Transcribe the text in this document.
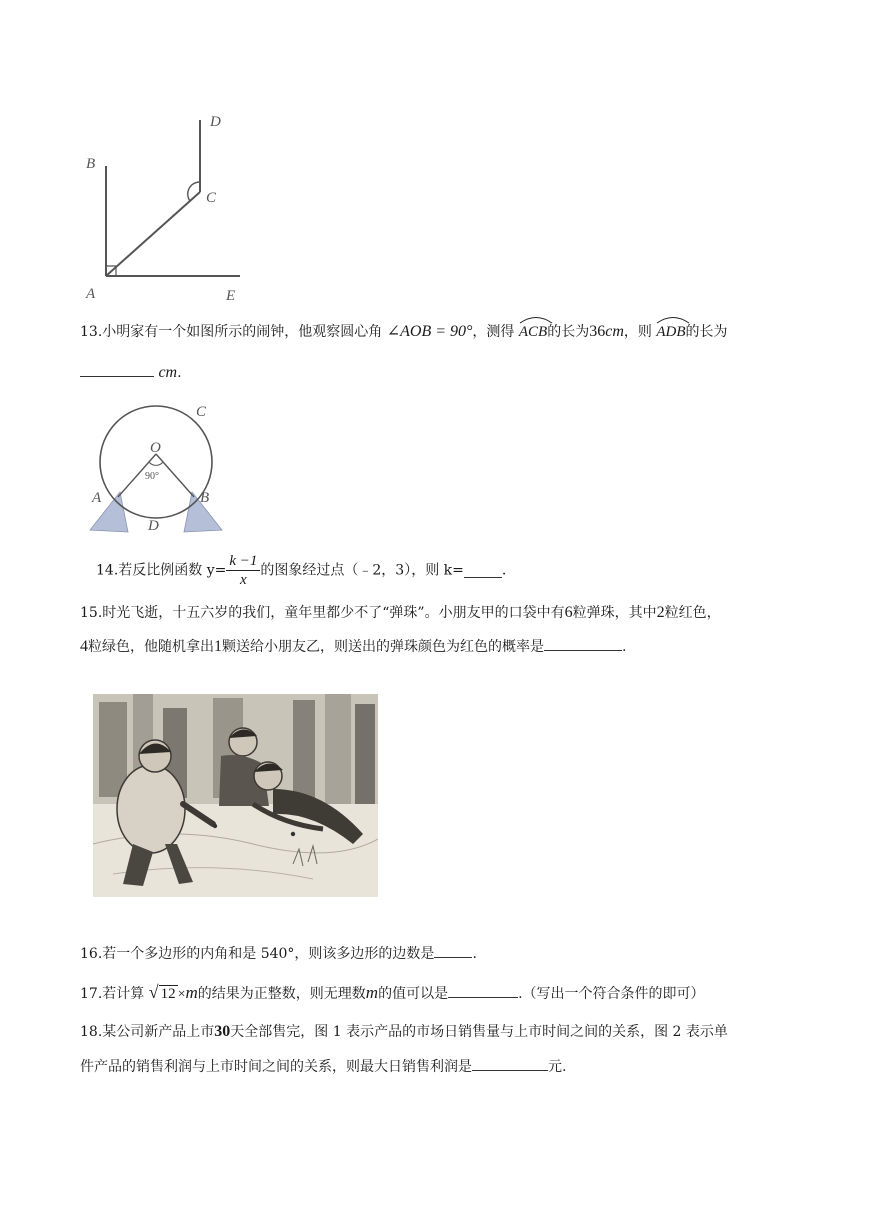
A
B
C
D
E
13.小明家有一个如图所示的闹钟，他观察圆心角 ∠AOB = 90°，测得 ACB的长为36cm，则 ADB的长为
cm.
O
90°
A	B
C
D
14.若反比例函数 $y= \frac{k -1}{x}$ 的图象经过点（﹣2，3），则 k=	.
15.时光飞逝，十五六岁的我们，童年里都少不了“弹珠”。小朋友甲的口袋中有6粒弹珠，其中2粒红色，
4粒绿色，他随机拿出1颗送给小朋友乙，则送出的弹珠颜色为红色的概率是	.
16.若一个多边形的内角和是 540°，则该多边形的边数是	.
17.若计算 √ 12 ×m的结果为正整数，则无理数m的值可以是	.（写出一个符合条件的即可）
18.某公司新产品上市30天全部售完，图 1 表示产品的市场日销售量与上市时间之间的关系，图 2 表示单
件产品的销售利润与上市时间之间的关系，则最大日销售利润是	元.
